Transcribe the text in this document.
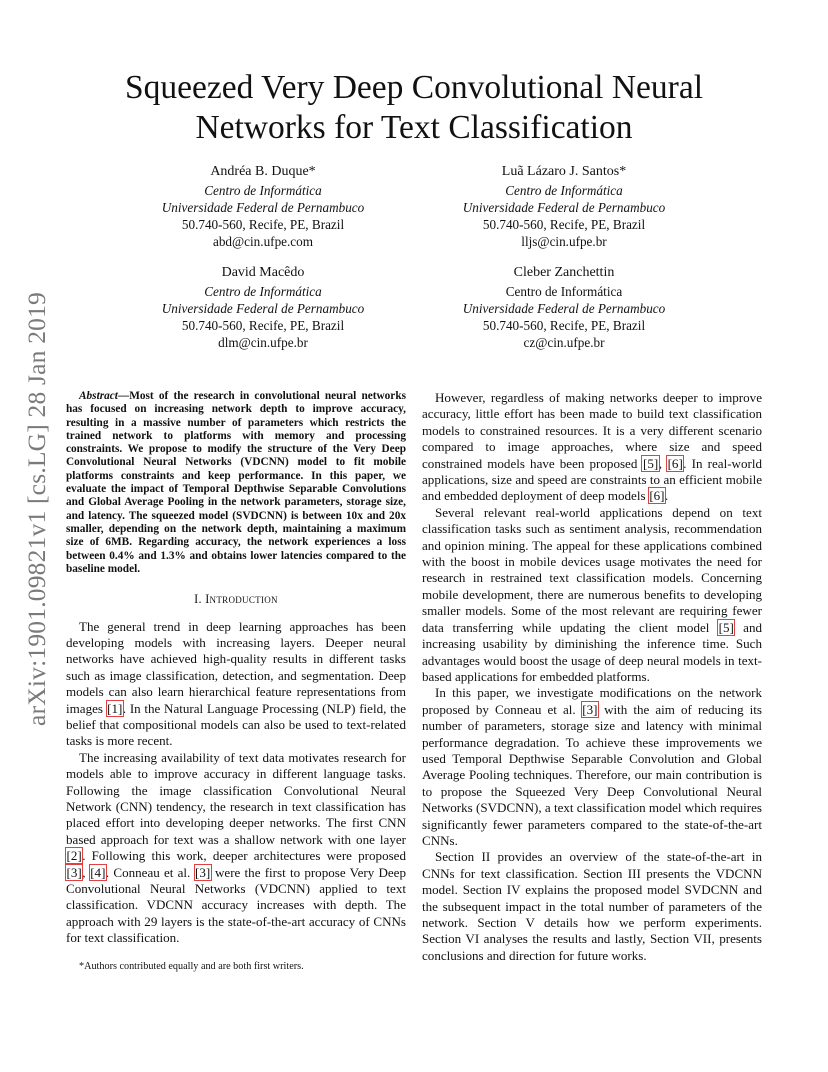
arXiv:1901.09821v1 [cs.LG] 28 Jan 2019
Squeezed Very Deep Convolutional Neural
Networks for Text Classification
Andréa B. Duque*
Centro de Informática
Universidade Federal de Pernambuco
50.740-560, Recife, PE, Brazil
abd@cin.ufpe.com
Luã Lázaro J. Santos*
Centro de Informática
Universidade Federal de Pernambuco
50.740-560, Recife, PE, Brazil
lljs@cin.ufpe.br
David Macêdo
Centro de Informática
Universidade Federal de Pernambuco
50.740-560, Recife, PE, Brazil
dlm@cin.ufpe.br
Cleber Zanchettin
Centro de Informática
Universidade Federal de Pernambuco
50.740-560, Recife, PE, Brazil
cz@cin.ufpe.br

Abstract—Most of the research in convolutional neural networks has focused on increasing network depth to improve accuracy, resulting in a massive number of parameters which restricts the trained network to platforms with memory and processing constraints. We propose to modify the structure of the Very Deep Convolutional Neural Networks (VDCNN) model to fit mobile platforms constraints and keep performance. In this paper, we evaluate the impact of Temporal Depthwise Separable Convolutions and Global Average Pooling in the network parameters, storage size, and latency. The squeezed model (SVDCNN) is between 10x and 20x smaller, depending on the network depth, maintaining a maximum size of 6MB. Regarding accuracy, the network experiences a loss between 0.4% and 1.3% and obtains lower latencies compared to the baseline model.

I. Introduction

The general trend in deep learning approaches has been developing models with increasing layers. Deeper neural networks have achieved high-quality results in different tasks such as image classification, detection, and segmentation. Deep models can also learn hierarchical feature representations from images [1]. In the Natural Language Processing (NLP) field, the belief that compositional models can also be used to text-related tasks is more recent.

The increasing availability of text data motivates research for models able to improve accuracy in different language tasks. Following the image classification Convolutional Neural Network (CNN) tendency, the research in text classification has placed effort into developing deeper networks. The first CNN based approach for text was a shallow network with one layer [2]. Following this work, deeper architectures were proposed [3], [4]. Conneau et al. [3] were the first to propose Very Deep Convolutional Neural Networks (VDCNN) applied to text classification. VDCNN accuracy increases with depth. The approach with 29 layers is the state-of-the-art accuracy of CNNs for text classification.

*Authors contributed equally and are both first writers.

However, regardless of making networks deeper to improve accuracy, little effort has been made to build text classification models to constrained resources. It is a very different scenario compared to image approaches, where size and speed constrained models have been proposed [5], [6]. In real-world applications, size and speed are constraints to an efficient mobile and embedded deployment of deep models [6].

Several relevant real-world applications depend on text classification tasks such as sentiment analysis, recommendation and opinion mining. The appeal for these applications combined with the boost in mobile devices usage motivates the need for research in restrained text classification models. Concerning mobile development, there are numerous benefits to developing smaller models. Some of the most relevant are requiring fewer data transferring while updating the client model [5] and increasing usability by diminishing the inference time. Such advantages would boost the usage of deep neural models in text-based applications for embedded platforms.

In this paper, we investigate modifications on the network proposed by Conneau et al. [3] with the aim of reducing its number of parameters, storage size and latency with minimal performance degradation. To achieve these improvements we used Temporal Depthwise Separable Convolution and Global Average Pooling techniques. Therefore, our main contribution is to propose the Squeezed Very Deep Convolutional Neural Networks (SVDCNN), a text classification model which requires significantly fewer parameters compared to the state-of-the-art CNNs.

Section II provides an overview of the state-of-the-art in CNNs for text classification. Section III presents the VDCNN model. Section IV explains the proposed model SVDCNN and the subsequent impact in the total number of parameters of the network. Section V details how we perform experiments. Section VI analyses the results and lastly, Section VII, presents conclusions and direction for future works.
